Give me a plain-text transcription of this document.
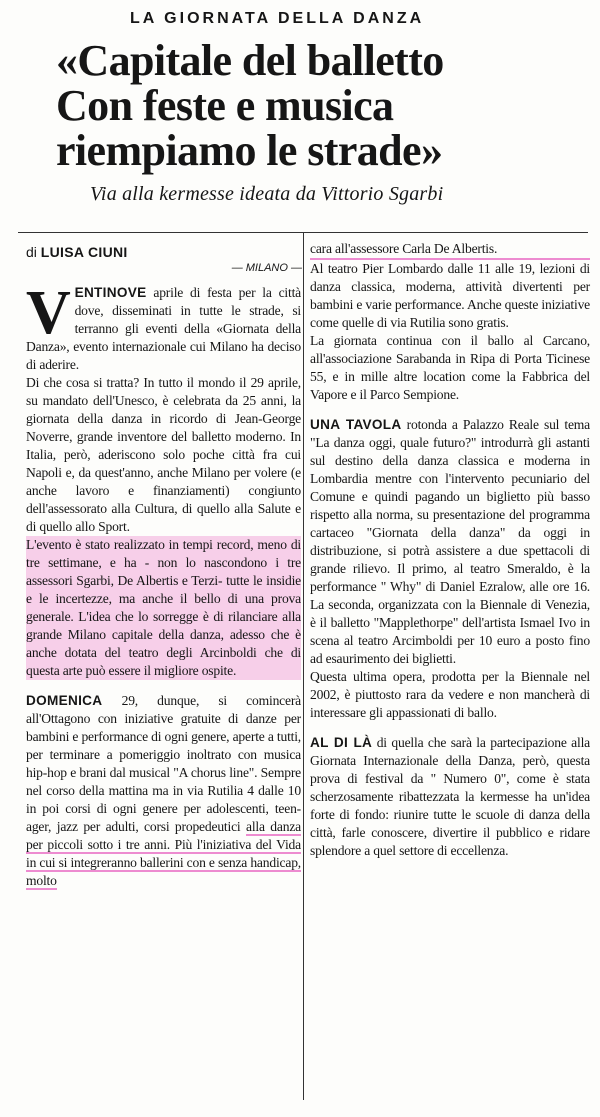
LA GIORNATA DELLA DANZA
«Capitale del balletto
Con feste e musica
riempiamo le strade»
Via alla kermesse ideata da Vittorio Sgarbi
di LUISA CIUNI
— MILANO —

VENTINOVE aprile di festa per la città dove, disseminati in tutte le strade, si terranno gli eventi della «Giornata della Danza», evento internazionale cui Milano ha deciso di aderire.

Di che cosa si tratta? In tutto il mondo il 29 aprile, su mandato dell'Unesco, è celebrata da 25 anni, la giornata della danza in ricordo di Jean-George Noverre, grande inventore del balletto moderno. In Italia, però, aderiscono solo poche città fra cui Napoli e, da quest'anno, anche Milano per volere (e anche lavoro e finanziamenti) congiunto dell'assessorato alla Cultura, di quello alla Salute e di quello allo Sport.

L'evento è stato realizzato in tempi record, meno di tre settimane, e ha - non lo nascondono i tre assessori Sgarbi, De Albertis e Terzi- tutte le insidie e le incertezze, ma anche il bello di una prova generale. L'idea che lo sorregge è di rilanciare alla grande Milano capitale della danza, adesso che è anche dotata del teatro degli Arcinboldi che di questa arte può essere il migliore ospite.

DOMENICA 29, dunque, si comincerà all'Ottagono con iniziative gratuite di danze per bambini e performance di ogni genere, aperte a tutti, per terminare a pomeriggio inoltrato con musica hip-hop e brani dal musical "A chorus line". Sempre nel corso della mattina ma in via Rutilia 4 dalle 10 in poi corsi di ogni genere per adolescenti, teen-ager, jazz per adulti, corsi propedeutici alla danza per piccoli sotto i tre anni. Più l'iniziativa del Vida in cui si integreranno ballerini con e senza handicap, molto

cara all'assessore Carla De Albertis.

Al teatro Pier Lombardo dalle 11 alle 19, lezioni di danza classica, moderna, attività divertenti per bambini e varie performance. Anche queste iniziative come quelle di via Rutilia sono gratis.

La giornata continua con il ballo al Carcano, all'associazione Sarabanda in Ripa di Porta Ticinese 55, e in mille altre location come la Fabbrica del Vapore e il Parco Sempione.

UNA TAVOLA rotonda a Palazzo Reale sul tema "La danza oggi, quale futuro?" introdurrà gli astanti sul destino della danza classica e moderna in Lombardia mentre con l'intervento pecuniario del Comune e quindi pagando un biglietto più basso rispetto alla norma, su presentazione del programma cartaceo "Giornata della danza" da oggi in distribuzione, si potrà assistere a due spettacoli di grande rilievo. Il primo, al teatro Smeraldo, è la performance " Why" di Daniel Ezralow, alle ore 16. La seconda, organizzata con la Biennale di Venezia, è il balletto "Mapplethorpe" dell'artista Ismael Ivo in scena al teatro Arcimboldi per 10 euro a posto fino ad esaurimento dei biglietti.

Questa ultima opera, prodotta per la Biennale nel 2002, è piuttosto rara da vedere e non mancherà di interessare gli appassionati di ballo.

AL DI LÀ di quella che sarà la partecipazione alla Giornata Internazionale della Danza, però, questa prova di festival da " Numero 0", come è stata scherzosamente ribattezzata la kermesse ha un'idea forte di fondo: riunire tutte le scuole di danza della città, farle conoscere, divertire il pubblico e ridare splendore a quel settore di eccellenza.
